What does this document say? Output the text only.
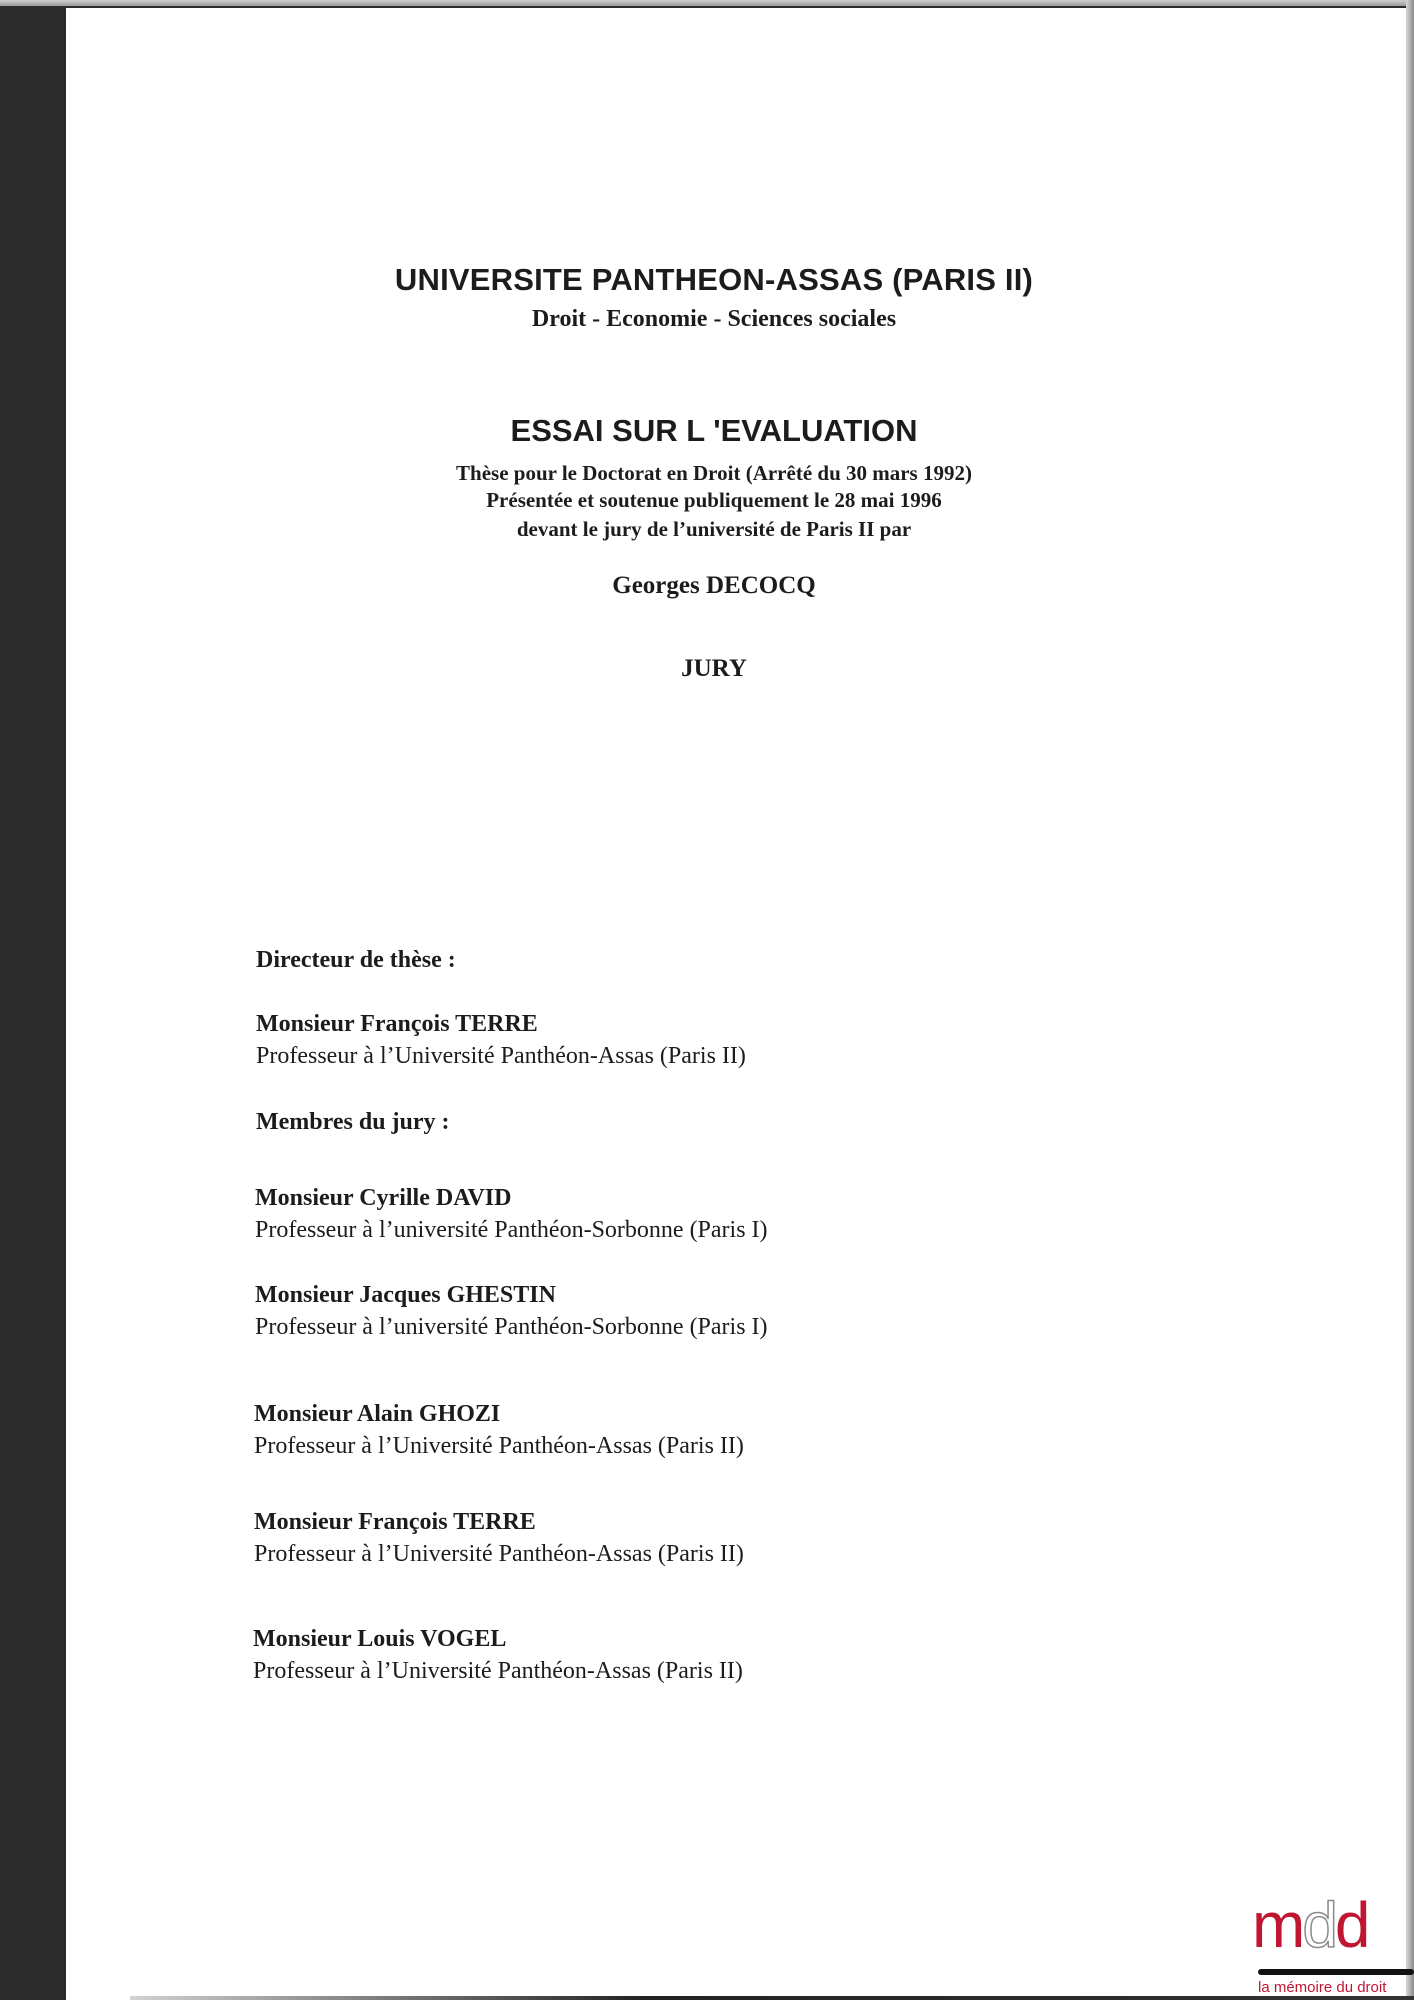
UNIVERSITE PANTHEON-ASSAS (PARIS II)
Droit - Economie - Sciences sociales
ESSAI SUR L 'EVALUATION
Thèse pour le Doctorat en Droit (Arrêté du 30 mars 1992)
Présentée et soutenue publiquement le 28 mai 1996
devant le jury de l’université de Paris II par
Georges DECOCQ
JURY
Directeur de thèse :
Monsieur François TERRE
Professeur à l’Université Panthéon-Assas (Paris II)
Membres du jury :
Monsieur Cyrille DAVID
Professeur à l’université Panthéon-Sorbonne (Paris I)
Monsieur Jacques GHESTIN
Professeur à l’université Panthéon-Sorbonne (Paris I)
Monsieur Alain GHOZI
Professeur à l’Université Panthéon-Assas (Paris II)
Monsieur François TERRE
Professeur à l’Université Panthéon-Assas (Paris II)
Monsieur Louis VOGEL
Professeur à l’Université Panthéon-Assas (Paris II)
mdd
la mémoire du droit
